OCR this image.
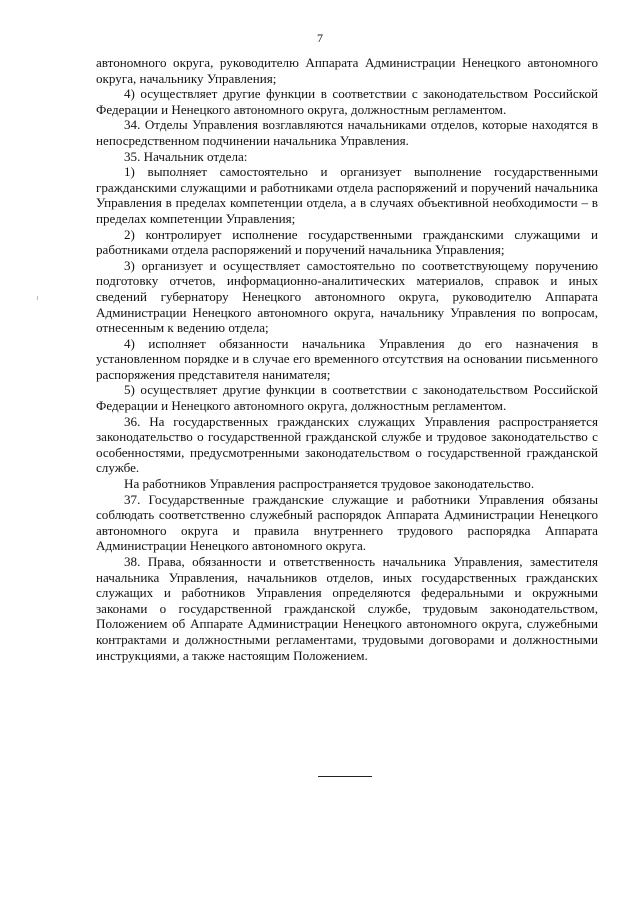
7

автономного округа, руководителю Аппарата Администрации Ненецкого автономного округа, начальнику Управления;

4) осуществляет другие функции в соответствии с законодательством Российской Федерации и Ненецкого автономного округа, должностным регламентом.

34. Отделы Управления возглавляются начальниками отделов, которые находятся в непосредственном подчинении начальника Управления.

35. Начальник отдела:

1) выполняет самостоятельно и организует выполнение государственными гражданскими служащими и работниками отдела распоряжений и поручений начальника Управления в пределах компетенции отдела, а в случаях объективной необходимости – в пределах компетенции Управления;

2) контролирует исполнение государственными гражданскими служащими и работниками отдела распоряжений и поручений начальника Управления;

3) организует и осуществляет самостоятельно по соответствующему поручению подготовку отчетов, информационно-аналитических материалов, справок и иных сведений губернатору Ненецкого автономного округа, руководителю Аппарата Администрации Ненецкого автономного округа, начальнику Управления по вопросам, отнесенным к ведению отдела;

4) исполняет обязанности начальника Управления до его назначения в установленном порядке и в случае его временного отсутствия на основании письменного распоряжения представителя нанимателя;

5) осуществляет другие функции в соответствии с законодательством Российской Федерации и Ненецкого автономного округа, должностным регламентом.

36. На государственных гражданских служащих Управления распространяется законодательство о государственной гражданской службе и трудовое законодательство с особенностями, предусмотренными законодательством о государственной гражданской службе.

На работников Управления распространяется трудовое законодательство.

37. Государственные гражданские служащие и работники Управления обязаны соблюдать соответственно служебный распорядок Аппарата Администрации Ненецкого автономного округа и правила внутреннего трудового распорядка Аппарата Администрации Ненецкого автономного округа.

38. Права, обязанности и ответственность начальника Управления, заместителя начальника Управления, начальников отделов, иных государственных гражданских служащих и работников Управления определяются федеральными и окружными законами о государственной гражданской службе, трудовым законодательством, Положением об Аппарате Администрации Ненецкого автономного округа, служебными контрактами и должностными регламентами, трудовыми договорами и должностными инструкциями, а также настоящим Положением.
